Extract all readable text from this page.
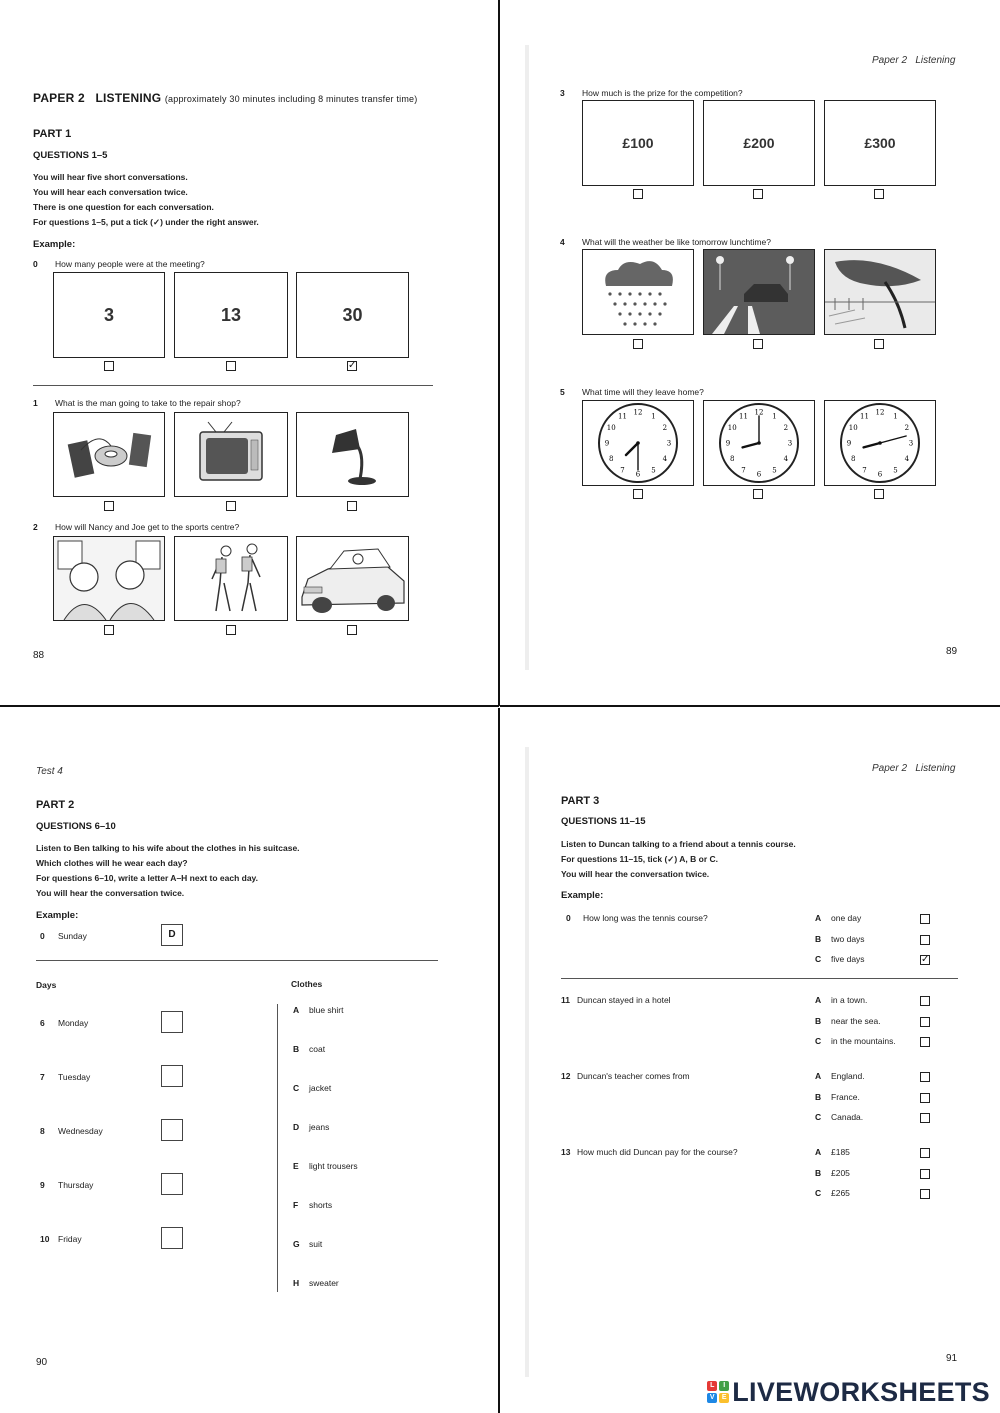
PAPER 2 LISTENING (approximately 30 minutes including 8 minutes transfer time)
PART 1
QUESTIONS 1–5
You will hear five short conversations.
You will hear each conversation twice.
There is one question for each conversation.
For questions 1–5, put a tick (✓) under the right answer.
Example:
0 How many people were at the meeting?
3	13	30
✓
1 What is the man going to take to the repair shop?
2 How will Nancy and Joe get to the sports centre?
88
Paper 2   Listening
3 How much is the prize for the competition?
£100	£200	£300
4 What will the weather be like tomorrow lunchtime?
5 What time will they leave home?
12
1
2
3
4
5
6
7
8
9
10
11
12
1
2
3
4
5
6
7
8
9
10
11
12
1
2
3
4
5
6
7
8
9
10
11
89
Test 4
PART 2
QUESTIONS 6–10
Listen to Ben talking to his wife about the clothes in his suitcase.
Which clothes will he wear each day?
For questions 6–10, write a letter A–H next to each day.
You will hear the conversation twice.
Example:
0 Sunday	D
Days	Clothes
6 Monday
7 Tuesday
8 Wednesday
9 Thursday
10 Friday
A blue shirt
B coat
C jacket
D jeans
E light trousers
F shorts
G suit
H sweater
90
Paper 2   Listening
PART 3
QUESTIONS 11–15
Listen to Duncan talking to a friend about a tennis course.
For questions 11–15, tick (✓) A, B or C.
You will hear the conversation twice.
Example:
0 How long was the tennis course?	A one day
B two days
C five days	✓
11 Duncan stayed in a hotel	A in a town.
B near the sea.
C in the mountains.
12 Duncan's teacher comes from	A England.
B France.
C Canada.
13 How much did Duncan pay for the course?	A £185
B £205
C £265
91
L	I
V	E LIVEWORKSHEETS
